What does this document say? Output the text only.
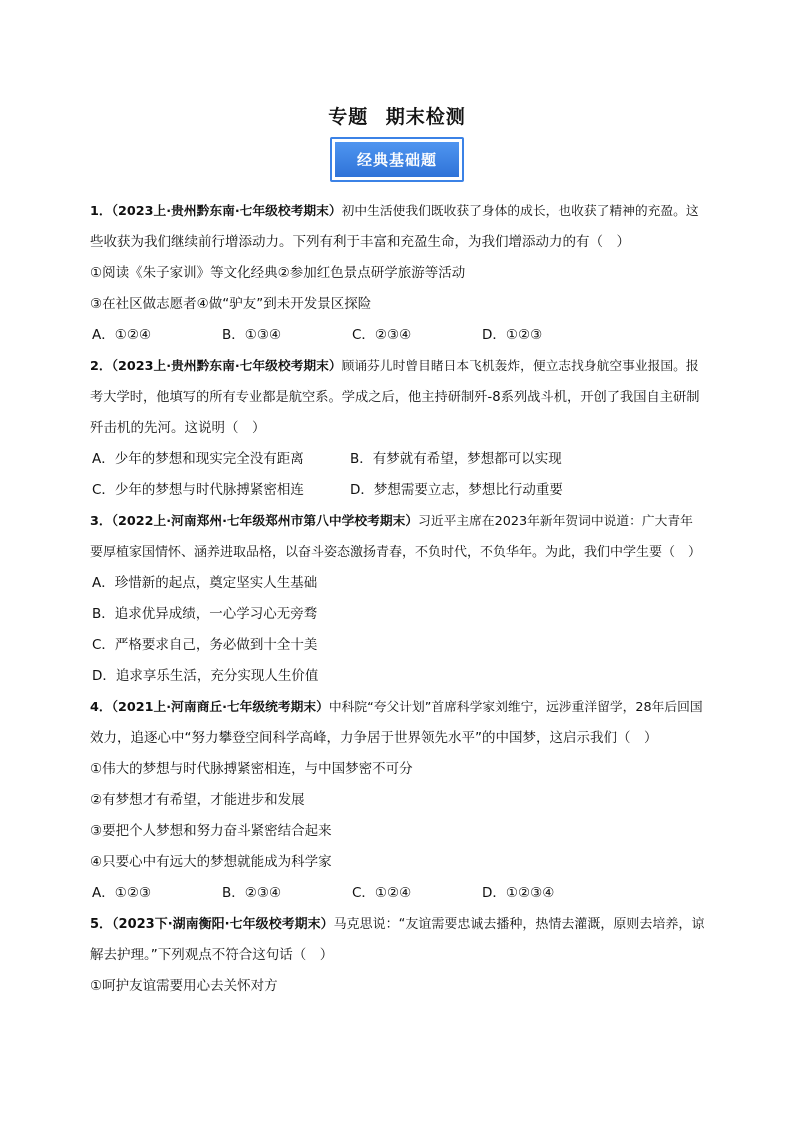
专题 期末检测
经典基础题
1．（2023上·贵州黔东南·七年级校考期末）初中生活使我们既收获了身体的成长，也收获了精神的充盈。这
些收获为我们继续前行增添动力。下列有利于丰富和充盈生命，为我们增添动力的有（　）
①阅读《朱子家训》等文化经典②参加红色景点研学旅游等活动
③在社区做志愿者④做“驴友”到未开发景区探险
A．①②④	B．①③④	C．②③④	D．①②③
2．（2023上·贵州黔东南·七年级校考期末）顾诵芬儿时曾目睹日本飞机轰炸，便立志找身航空事业报国。报
考大学时，他填写的所有专业都是航空系。学成之后，他主持研制歼-8系列战斗机，开创了我国自主研制
歼击机的先河。这说明（　）
A．少年的梦想和现实完全没有距离	B．有梦就有希望，梦想都可以实现
C．少年的梦想与时代脉搏紧密相连	D．梦想需要立志，梦想比行动重要
3．（2022上·河南郑州·七年级郑州市第八中学校考期末）习近平主席在2023年新年贺词中说道：广大青年
要厚植家国情怀、涵养进取品格，以奋斗姿态激扬青春，不负时代，不负华年。为此，我们中学生要（　）
A．珍惜新的起点，奠定坚实人生基础
B．追求优异成绩，一心学习心无旁骛
C．严格要求自己，务必做到十全十美
D．追求享乐生活，充分实现人生价值
4．（2021上·河南商丘·七年级统考期末）中科院“夸父计划”首席科学家刘维宁，远涉重洋留学，28年后回国
效力，追逐心中“努力攀登空间科学高峰，力争居于世界领先水平”的中国梦，这启示我们（　）
①伟大的梦想与时代脉搏紧密相连，与中国梦密不可分
②有梦想才有希望，才能进步和发展
③要把个人梦想和努力奋斗紧密结合起来
④只要心中有远大的梦想就能成为科学家
A．①②③	B．②③④	C．①②④	D．①②③④
5．（2023下·湖南衡阳·七年级校考期末）马克思说：“友谊需要忠诚去播种，热情去灌溉，原则去培养，谅
解去护理。”下列观点不符合这句话（　）
①呵护友谊需要用心去关怀对方
